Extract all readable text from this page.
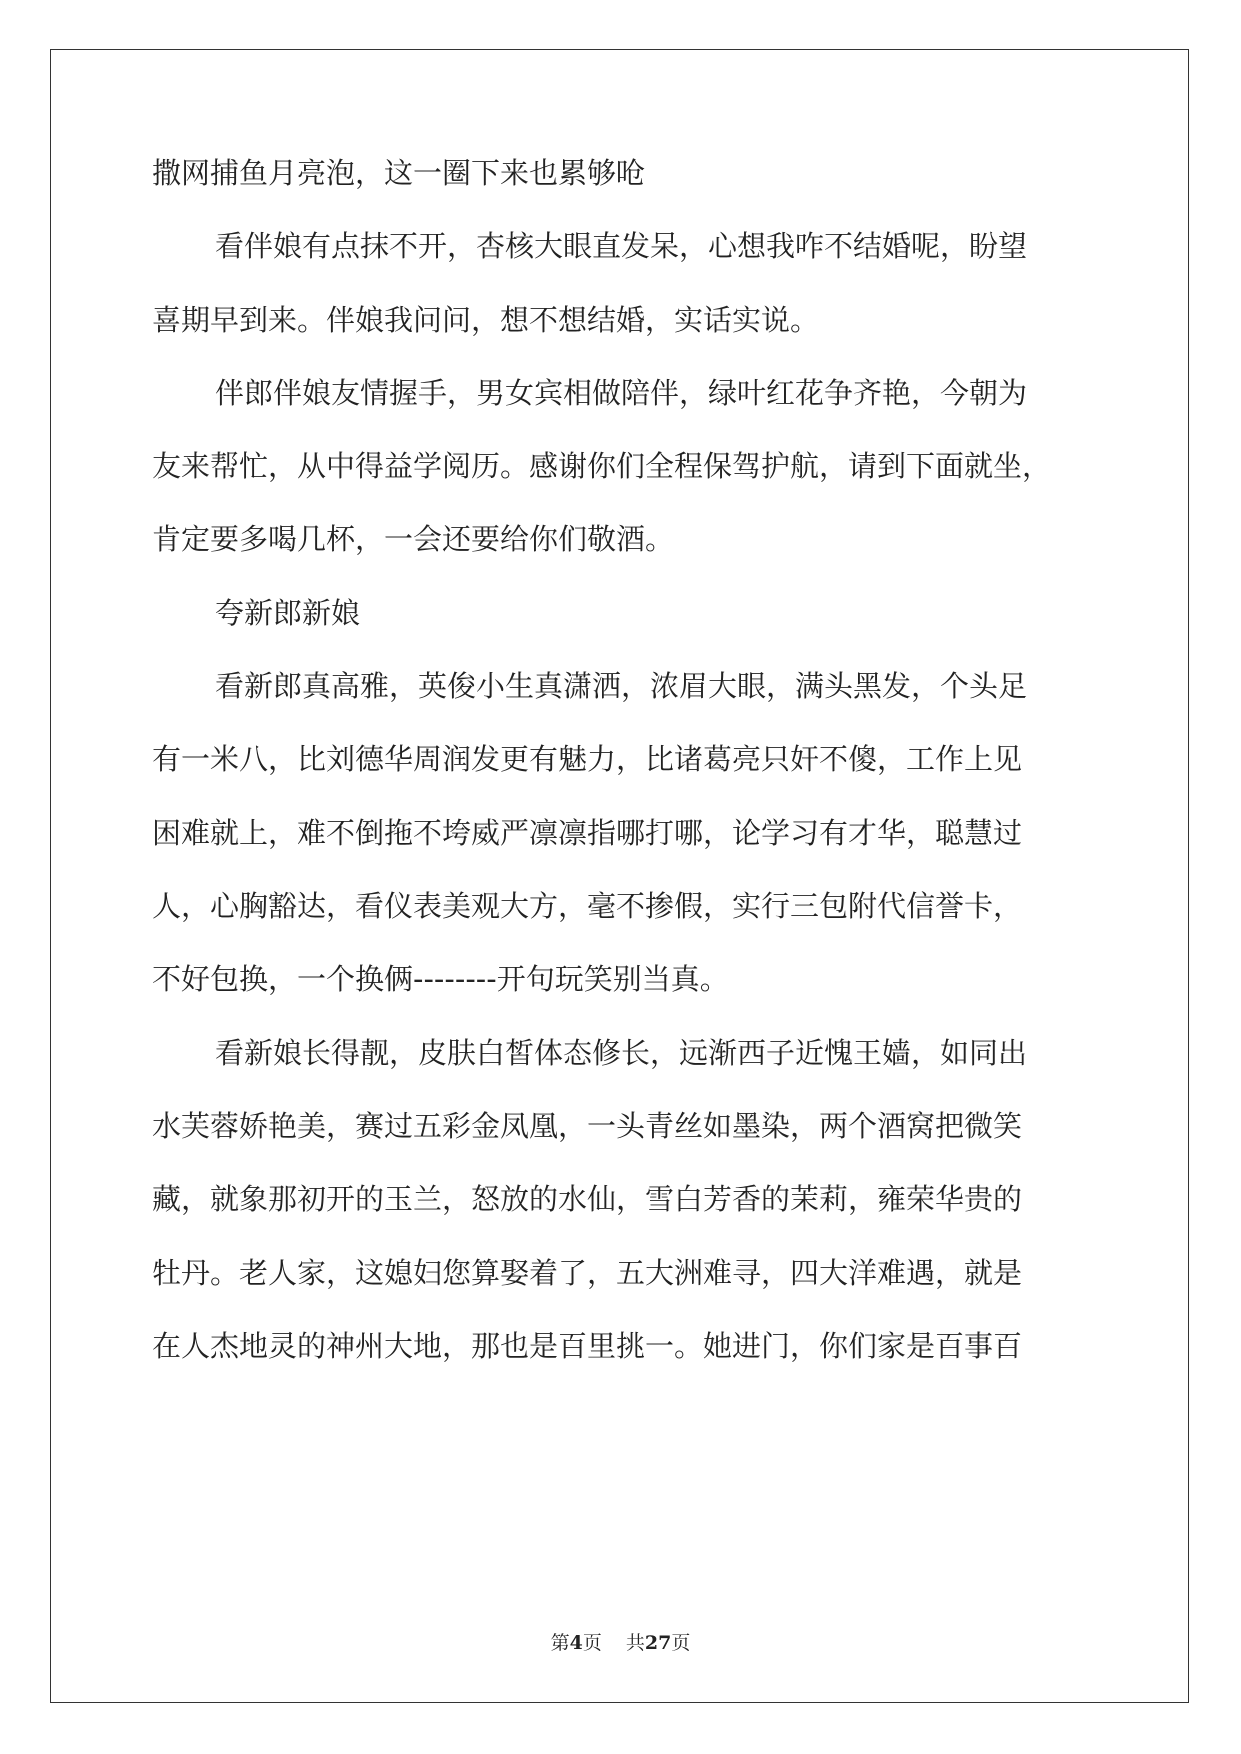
撒网捕鱼月亮泡，这一圈下来也累够呛

看伴娘有点抹不开，杏核大眼直发呆，心想我咋不结婚呢，盼望

喜期早到来。伴娘我问问，想不想结婚，实话实说。

伴郎伴娘友情握手，男女宾相做陪伴，绿叶红花争齐艳，今朝为

友来帮忙，从中得益学阅历。感谢你们全程保驾护航，请到下面就坐，

肯定要多喝几杯，一会还要给你们敬酒。

夸新郎新娘

看新郎真高雅，英俊小生真潇洒，浓眉大眼，满头黑发，个头足

有一米八，比刘德华周润发更有魅力，比诸葛亮只奸不傻，工作上见

困难就上，难不倒拖不垮威严凛凛指哪打哪，论学习有才华，聪慧过

人，心胸豁达，看仪表美观大方，毫不掺假，实行三包附代信誉卡，

不好包换，一个换俩--------开句玩笑别当真。

看新娘长得靓，皮肤白皙体态修长，远渐西子近愧王嫱，如同出

水芙蓉娇艳美，赛过五彩金凤凰，一头青丝如墨染，两个酒窝把微笑

藏，就象那初开的玉兰，怒放的水仙，雪白芳香的茉莉，雍荣华贵的

牡丹。老人家，这媳妇您算娶着了，五大洲难寻，四大洋难遇，就是

在人杰地灵的神州大地，那也是百里挑一。她进门，你们家是百事百

第4页 共27页
